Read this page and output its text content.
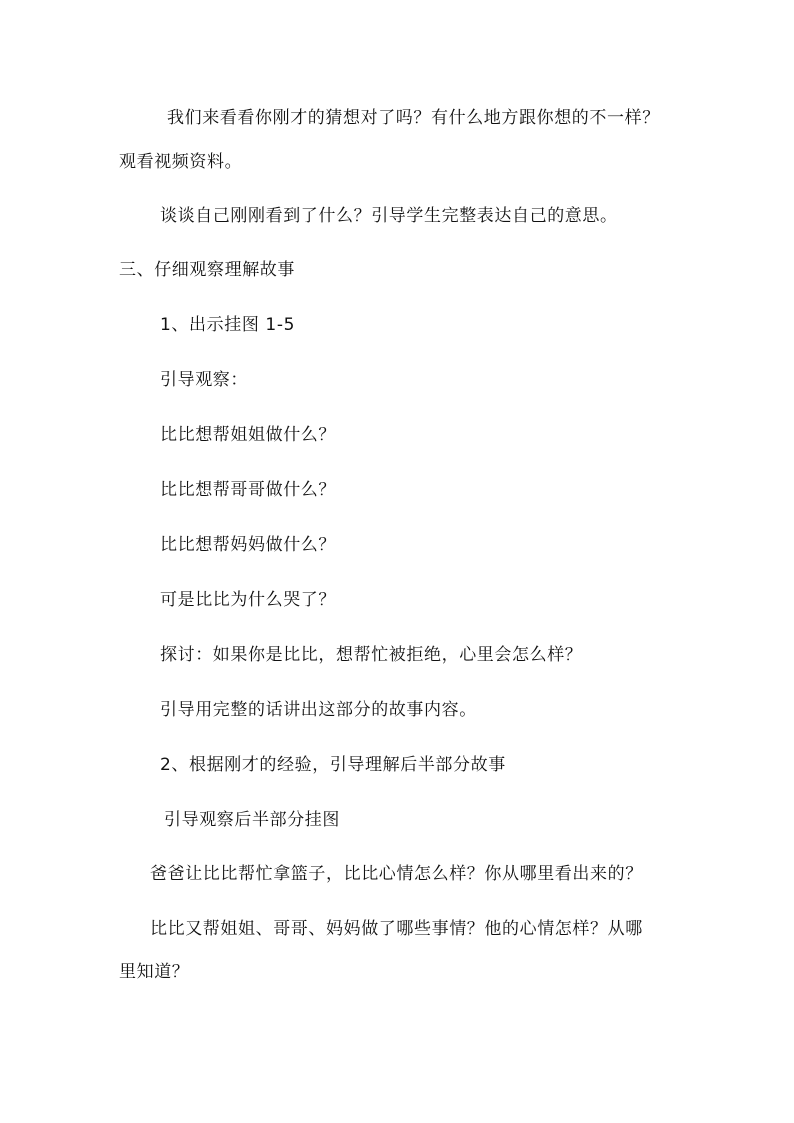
我们来看看你刚才的猜想对了吗？有什么地方跟你想的不一样？
观看视频资料。
谈谈自己刚刚看到了什么？引导学生完整表达自己的意思。
三、仔细观察理解故事
1、出示挂图 1-5
引导观察：
比比想帮姐姐做什么？
比比想帮哥哥做什么？
比比想帮妈妈做什么？
可是比比为什么哭了？
探讨：如果你是比比，想帮忙被拒绝，心里会怎么样？
引导用完整的话讲出这部分的故事内容。
2、根据刚才的经验，引导理解后半部分故事
引导观察后半部分挂图
爸爸让比比帮忙拿篮子，比比心情怎么样？你从哪里看出来的？
比比又帮姐姐、哥哥、妈妈做了哪些事情？他的心情怎样？从哪
里知道？
